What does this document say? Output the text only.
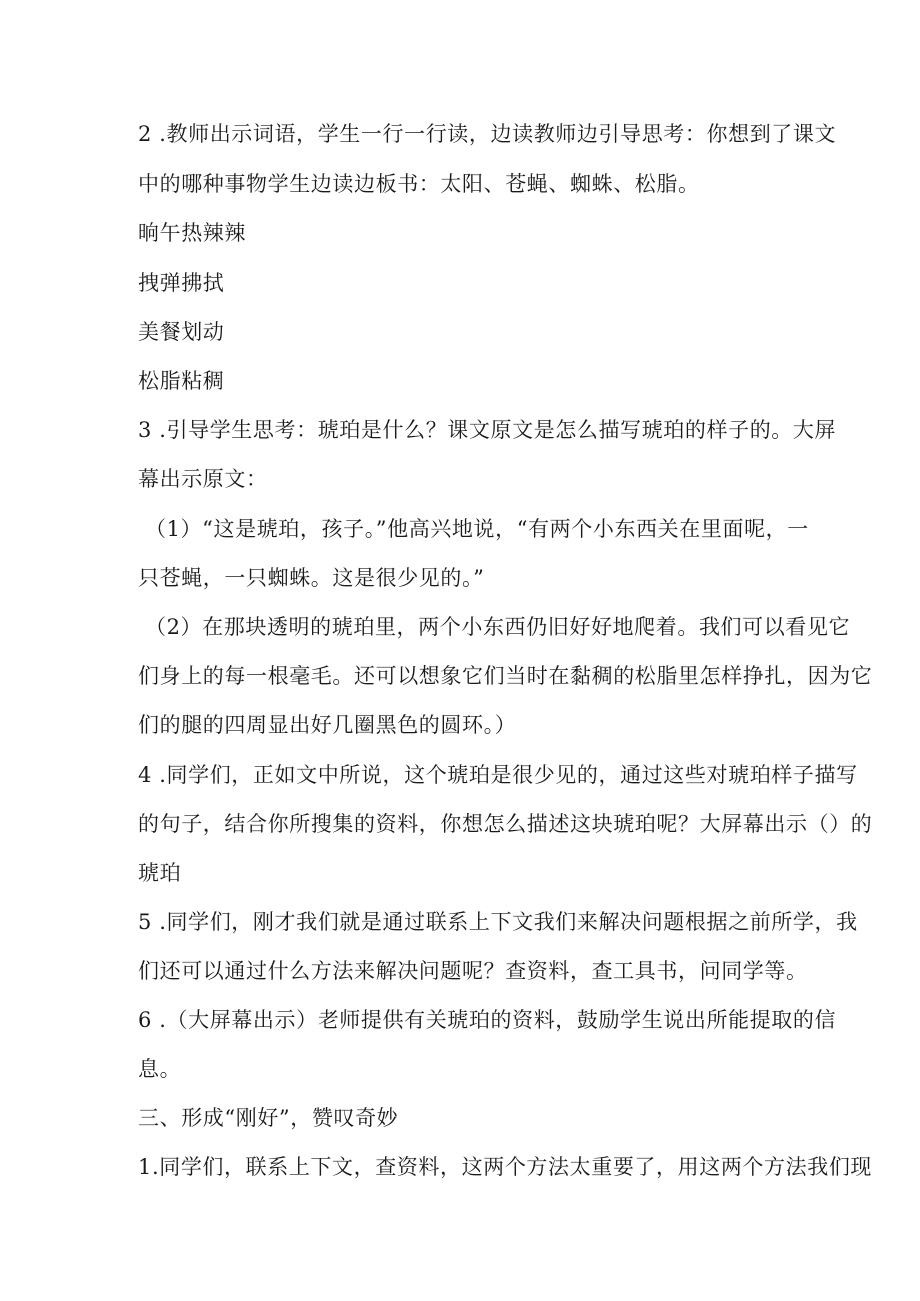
2 .教师出示词语，学生一行一行读，边读教师边引导思考：你想到了课文
中的哪种事物学生边读边板书：太阳、苍蝇、蜘蛛、松脂。
晌午热辣辣
拽弹拂拭
美餐划动
松脂粘稠
3 .引导学生思考：琥珀是什么？课文原文是怎么描写琥珀的样子的。大屏
幕出示原文：
（1）“这是琥珀，孩子。”他高兴地说，“有两个小东西关在里面呢，一
只苍蝇，一只蜘蛛。这是很少见的。”
（2）在那块透明的琥珀里，两个小东西仍旧好好地爬着。我们可以看见它
们身上的每一根毫毛。还可以想象它们当时在黏稠的松脂里怎样挣扎，因为它
们的腿的四周显出好几圈黑色的圆环。）
4 .同学们，正如文中所说，这个琥珀是很少见的，通过这些对琥珀样子描写
的句子，结合你所搜集的资料，你想怎么描述这块琥珀呢？大屏幕出示（）的
琥珀
5 .同学们，刚才我们就是通过联系上下文我们来解决问题根据之前所学，我
们还可以通过什么方法来解决问题呢？查资料，查工具书，问同学等。
6 .（大屏幕出示）老师提供有关琥珀的资料，鼓励学生说出所能提取的信
息。
三、形成“刚好”，赞叹奇妙
1.同学们，联系上下文，查资料，这两个方法太重要了，用这两个方法我们现
